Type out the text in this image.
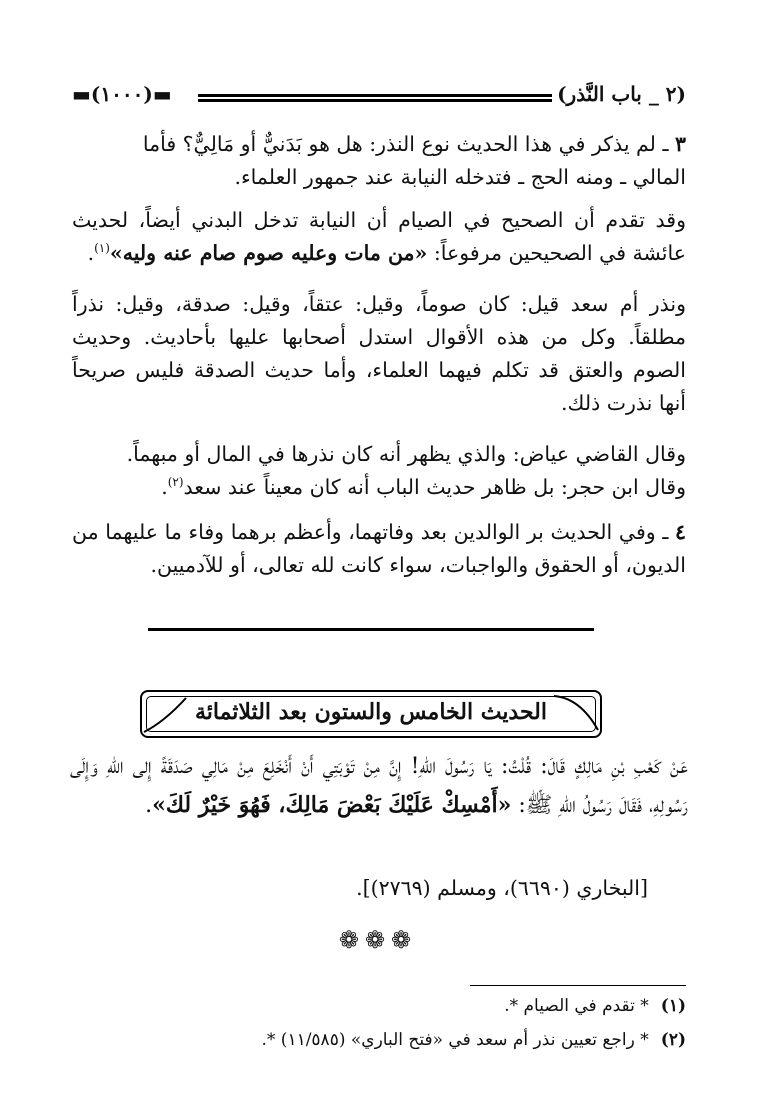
(٢ _ باب النَّذر)
▬(١٠٠٠)▬

٣ ـ لم يذكر في هذا الحديث نوع النذر: هل هو بَدَنيٌّ أو مَالِيٌّ؟ فأما

المالي ـ ومنه الحج ـ فتدخله النيابة عند جمهور العلماء.

وقد تقدم أن الصحيح في الصيام أن النيابة تدخل البدني أيضاً، لحديث عائشة في الصحيحين مرفوعاً: «من مات وعليه صوم صام عنه وليه»$^{(١)}$.

ونذر أم سعد قيل: كان صوماً، وقيل: عتقاً، وقيل: صدقة، وقيل: نذراً مطلقاً. وكل من هذه الأقوال استدل أصحابها عليها بأحاديث. وحديث الصوم والعتق قد تكلم فيهما العلماء، وأما حديث الصدقة فليس صريحاً أنها نذرت ذلك.

وقال القاضي عياض: والذي يظهر أنه كان نذرها في المال أو مبهماً.

وقال ابن حجر: بل ظاهر حديث الباب أنه كان معيناً عند سعد$^{(٢)}$.

٤ ـ وفي الحديث بر الوالدين بعد وفاتهما، وأعظم برهما وفاء ما عليهما من الديون، أو الحقوق والواجبات، سواء كانت لله تعالى، أو للآدميين.

الحديث الخامس والستون بعد الثلاثمائة
عَنْ كَعْبِ بْنِ مَالِكٍ قَالَ: قُلْتُ: يَا رَسُولَ اللهِ! إِنَّ مِنْ تَوْبَتِي أَنْ أَنْخَلِعَ مِنْ مَالِي صَدَقَةً إِلى اللهِ وَإِلَى رَسُولِهِ، فَقَالَ رَسُولُ اللهِ ﷺ: «أَمْسِكْ عَلَيْكَ بَعْضَ مَالِكَ، فَهُوَ خَيْرٌ لَكَ».
[البخاري (٦٦٩٠)، ومسلم (٢٧٦٩)].
❁❁❁
(١)* تقدم في الصيام *.
(٢)* راجع تعيين نذر أم سعد في «فتح الباري» (١١/٥٨٥) *.
